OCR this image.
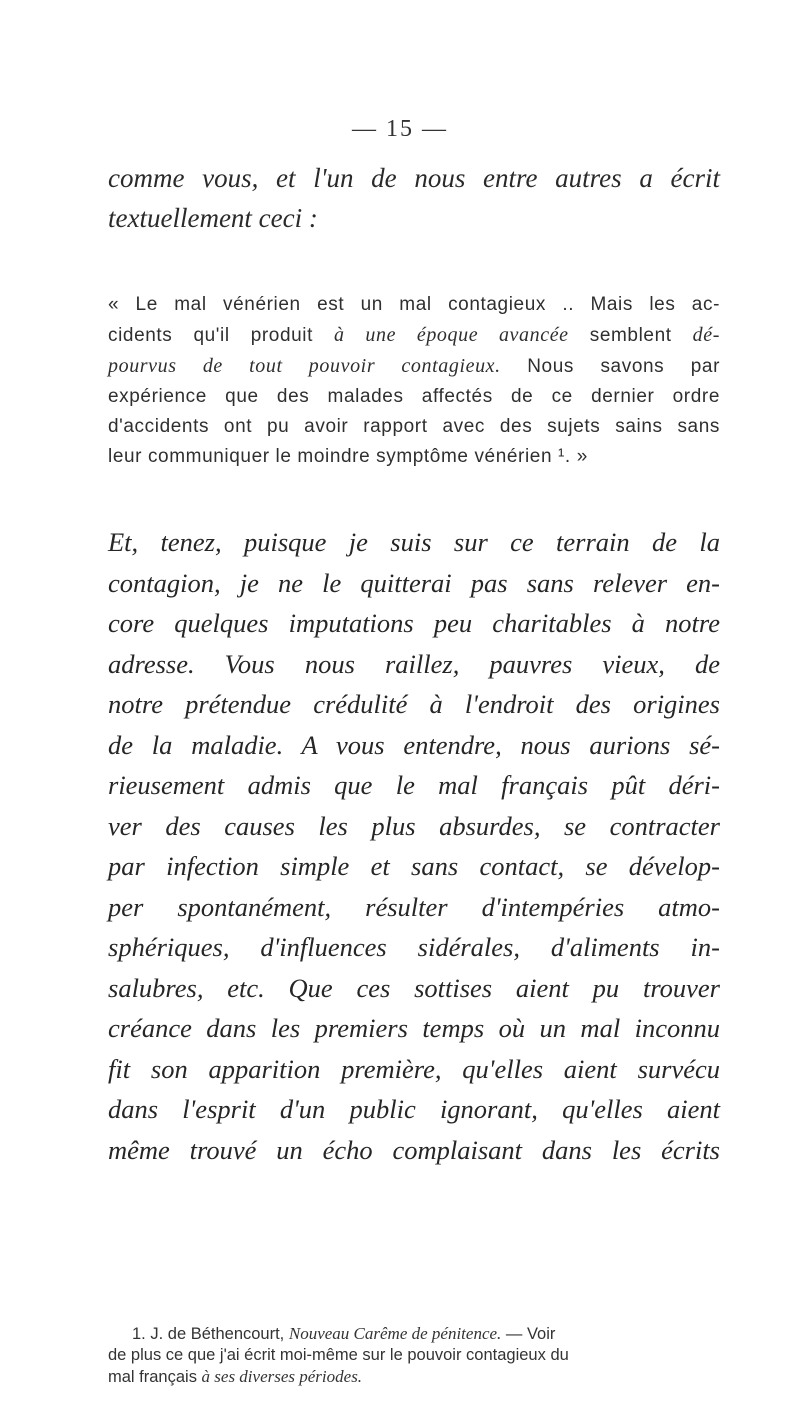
— 15 —

comme vous, et l'un de nous entre autres a écrit
textuellement ceci :

« Le mal vénérien est un mal contagieux .. Mais les ac-
cidents qu'il produit à une époque avancée semblent dé-
pourvus de tout pouvoir contagieux. Nous savons par
expérience que des malades affectés de ce dernier ordre
d'accidents ont pu avoir rapport avec des sujets sains sans
leur communiquer le moindre symptôme vénérien ¹. »

Et, tenez, puisque je suis sur ce terrain de la
contagion, je ne le quitterai pas sans relever en-
core quelques imputations peu charitables à notre
adresse. Vous nous raillez, pauvres vieux, de
notre prétendue crédulité à l'endroit des origines
de la maladie. A vous entendre, nous aurions sé-
rieusement admis que le mal français pût déri-
ver des causes les plus absurdes, se contracter
par infection simple et sans contact, se dévelop-
per spontanément, résulter d'intempéries atmo-
sphériques, d'influences sidérales, d'aliments in-
salubres, etc. Que ces sottises aient pu trouver
créance dans les premiers temps où un mal inconnu
fit son apparition première, qu'elles aient survécu
dans l'esprit d'un public ignorant, qu'elles aient
même trouvé un écho complaisant dans les écrits

1. J. de Béthencourt, Nouveau Carême de pénitence. — Voir
de plus ce que j'ai écrit moi-même sur le pouvoir contagieux du
mal français à ses diverses périodes.
